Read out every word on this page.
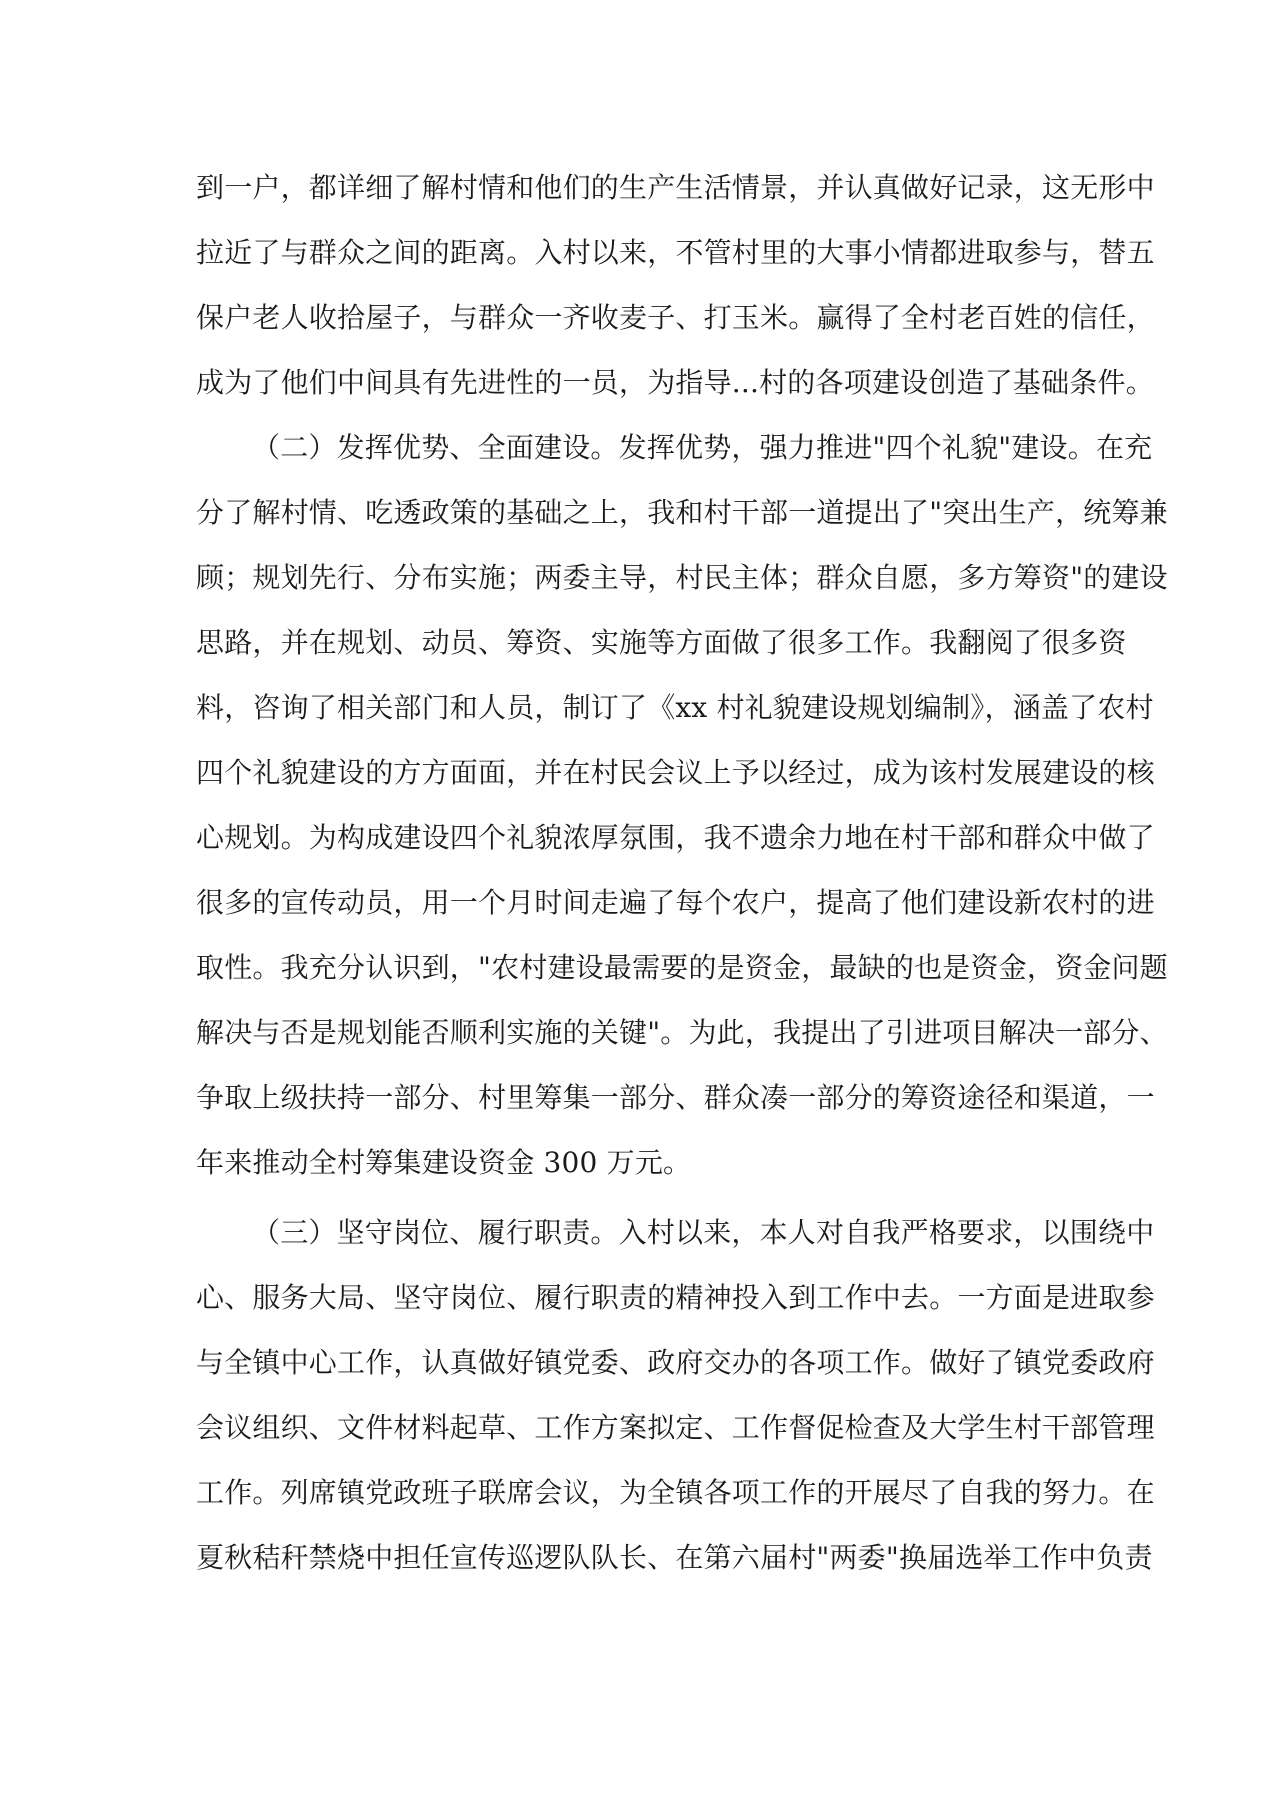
到一户，都详细了解村情和他们的生产生活情景，并认真做好记录，这无形中
拉近了与群众之间的距离。入村以来，不管村里的大事小情都进取参与，替五
保户老人收拾屋子，与群众一齐收麦子、打玉米。赢得了全村老百姓的信任，
成为了他们中间具有先进性的一员，为指导...村的各项建设创造了基础条件。
（二）发挥优势、全面建设。发挥优势，强力推进"四个礼貌"建设。在充
分了解村情、吃透政策的基础之上，我和村干部一道提出了"突出生产，统筹兼
顾；规划先行、分布实施；两委主导，村民主体；群众自愿，多方筹资"的建设
思路，并在规划、动员、筹资、实施等方面做了很多工作。我翻阅了很多资
料，咨询了相关部门和人员，制订了《xx 村礼貌建设规划编制》，涵盖了农村
四个礼貌建设的方方面面，并在村民会议上予以经过，成为该村发展建设的核
心规划。为构成建设四个礼貌浓厚氛围，我不遗余力地在村干部和群众中做了
很多的宣传动员，用一个月时间走遍了每个农户，提高了他们建设新农村的进
取性。我充分认识到，"农村建设最需要的是资金，最缺的也是资金，资金问题
解决与否是规划能否顺利实施的关键"。为此，我提出了引进项目解决一部分、
争取上级扶持一部分、村里筹集一部分、群众凑一部分的筹资途径和渠道，一
年来推动全村筹集建设资金 300 万元。
（三）坚守岗位、履行职责。入村以来，本人对自我严格要求，以围绕中
心、服务大局、坚守岗位、履行职责的精神投入到工作中去。一方面是进取参
与全镇中心工作，认真做好镇党委、政府交办的各项工作。做好了镇党委政府
会议组织、文件材料起草、工作方案拟定、工作督促检查及大学生村干部管理
工作。列席镇党政班子联席会议，为全镇各项工作的开展尽了自我的努力。在
夏秋秸秆禁烧中担任宣传巡逻队队长、在第六届村"两委"换届选举工作中负责
